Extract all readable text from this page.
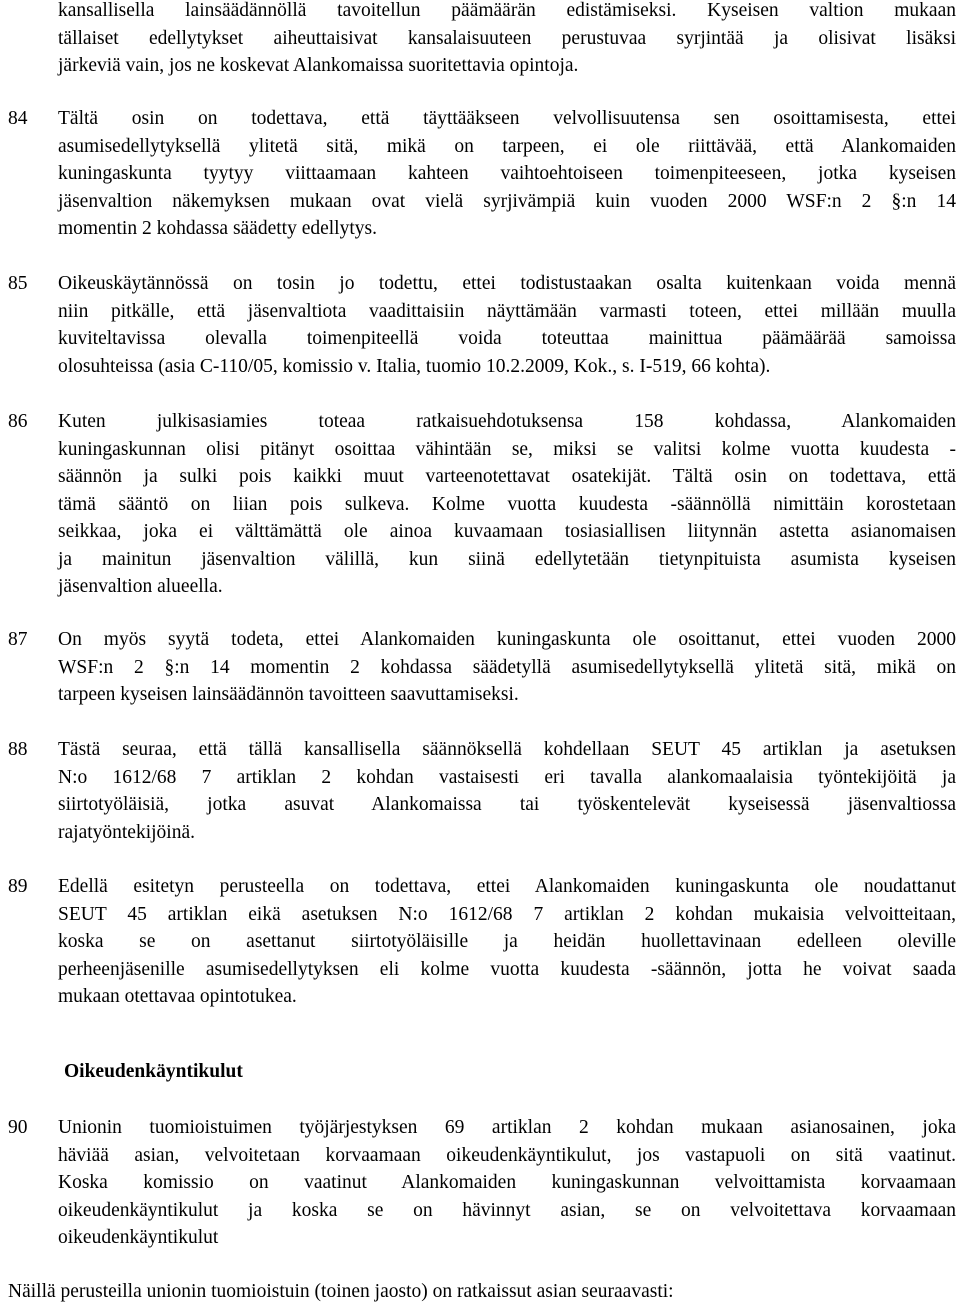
kansallisella lainsäädännöllä tavoitellun päämäärän edistämiseksi. Kyseisen valtion mukaan
tällaiset edellytykset aiheuttaisivat kansalaisuuteen perustuvaa syrjintää ja olisivat lisäksi
järkeviä vain, jos ne koskevat Alankomaissa suoritettavia opintoja.
84 Tältä osin on todettava, että täyttääkseen velvollisuutensa sen osoittamisesta, ettei
asumisedellytyksellä ylitetä sitä, mikä on tarpeen, ei ole riittävää, että Alankomaiden
kuningaskunta tyytyy viittaamaan kahteen vaihtoehtoiseen toimenpiteeseen, jotka kyseisen
jäsenvaltion näkemyksen mukaan ovat vielä syrjivämpiä kuin vuoden 2000 WSF:n 2 §:n 14
momentin 2 kohdassa säädetty edellytys.
85 Oikeuskäytännössä on tosin jo todettu, ettei todistustaakan osalta kuitenkaan voida mennä
niin pitkälle, että jäsenvaltiota vaadittaisiin näyttämään varmasti toteen, ettei millään muulla
kuviteltavissa olevalla toimenpiteellä voida toteuttaa mainittua päämäärää samoissa
olosuhteissa (asia C-110/05, komissio v. Italia, tuomio 10.2.2009, Kok., s. I-519, 66 kohta).
86 Kuten julkisasiamies toteaa ratkaisuehdotuksensa 158 kohdassa, Alankomaiden
kuningaskunnan olisi pitänyt osoittaa vähintään se, miksi se valitsi kolme vuotta kuudesta -
säännön ja sulki pois kaikki muut varteenotettavat osatekijät. Tältä osin on todettava, että
tämä sääntö on liian pois sulkeva. Kolme vuotta kuudesta -säännöllä nimittäin korostetaan
seikkaa, joka ei välttämättä ole ainoa kuvaamaan tosiasiallisen liitynnän astetta asianomaisen
ja mainitun jäsenvaltion välillä, kun siinä edellytetään tietynpituista asumista kyseisen
jäsenvaltion alueella.
87 On myös syytä todeta, ettei Alankomaiden kuningaskunta ole osoittanut, ettei vuoden 2000
WSF:n 2 §:n 14 momentin 2 kohdassa säädetyllä asumisedellytyksellä ylitetä sitä, mikä on
tarpeen kyseisen lainsäädännön tavoitteen saavuttamiseksi.
88 Tästä seuraa, että tällä kansallisella säännöksellä kohdellaan SEUT 45 artiklan ja asetuksen
N:o 1612/68 7 artiklan 2 kohdan vastaisesti eri tavalla alankomaalaisia työntekijöitä ja
siirtotyöläisiä, jotka asuvat Alankomaissa tai työskentelevät kyseisessä jäsenvaltiossa
rajatyöntekijöinä.
89 Edellä esitetyn perusteella on todettava, ettei Alankomaiden kuningaskunta ole noudattanut
SEUT 45 artiklan eikä asetuksen N:o 1612/68 7 artiklan 2 kohdan mukaisia velvoitteitaan,
koska se on asettanut siirtotyöläisille ja heidän huollettavinaan edelleen oleville
perheenjäsenille asumisedellytyksen eli kolme vuotta kuudesta -säännön, jotta he voivat saada
mukaan otettavaa opintotukea.
Oikeudenkäyntikulut
90 Unionin tuomioistuimen työjärjestyksen 69 artiklan 2 kohdan mukaan asianosainen, joka
häviää asian, velvoitetaan korvaamaan oikeudenkäyntikulut, jos vastapuoli on sitä vaatinut.
Koska komissio on vaatinut Alankomaiden kuningaskunnan velvoittamista korvaamaan
oikeudenkäyntikulut ja koska se on hävinnyt asian, se on velvoitettava korvaamaan
oikeudenkäyntikulut
Näillä perusteilla unionin tuomioistuin (toinen jaosto) on ratkaissut asian seuraavasti:
